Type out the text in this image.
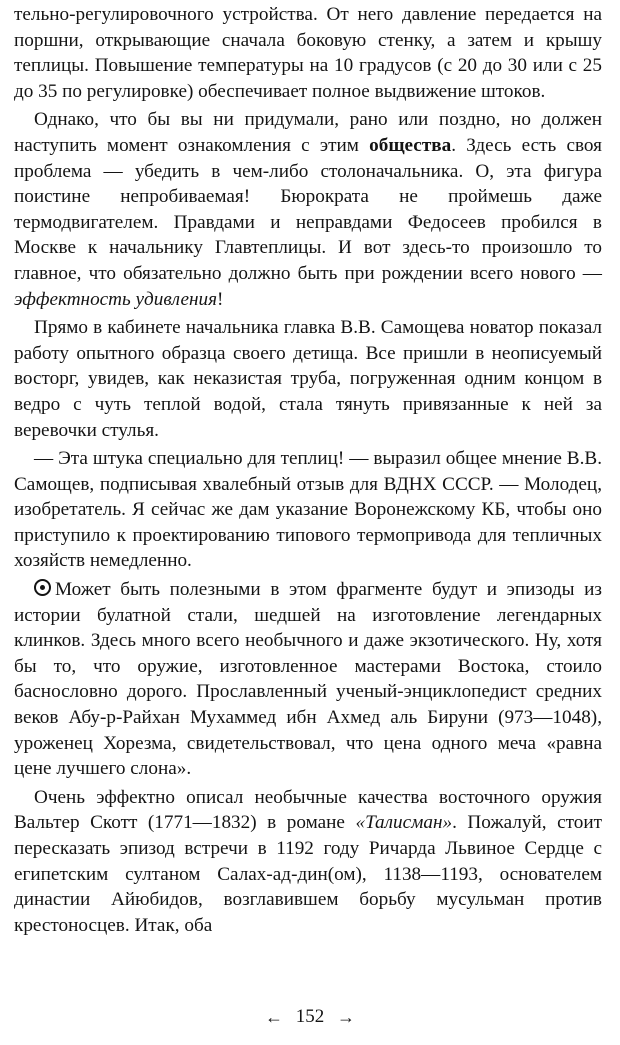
тельно-регулировочного устройства. От него давление передается на поршни, открывающие сначала боковую стенку, а затем и крышу теплицы. Повышение температуры на 10 градусов (с 20 до 30 или с 25 до 35 по регулировке) обеспечивает полное выдвижение штоков.

Однако, что бы вы ни придумали, рано или поздно, но должен наступить момент ознакомления с этим общества. Здесь есть своя проблема — убедить в чем-либо столоначальника. О, эта фигура поистине непробиваемая! Бюрократа не проймешь даже термодвигателем. Правдами и неправдами Федосеев пробился в Москве к начальнику Главтеплицы. И вот здесь-то произошло то главное, что обязательно должно быть при рождении всего нового — эффектность удивления!

Прямо в кабинете начальника главка В.В. Самощева новатор показал работу опытного образца своего детища. Все пришли в неописуемый восторг, увидев, как неказистая труба, погруженная одним концом в ведро с чуть теплой водой, стала тянуть привязанные к ней за веревочки стулья.

— Эта штука специально для теплиц! — выразил общее мнение В.В. Самощев, подписывая хвалебный отзыв для ВДНХ СССР. — Молодец, изобретатель. Я сейчас же дам указание Воронежскому КБ, чтобы оно приступило к проектированию типового термопривода для тепличных хозяйств немедленно.

Может быть полезными в этом фрагменте будут и эпизоды из истории булатной стали, шедшей на изготовление легендарных клинков. Здесь много всего необычного и даже экзотического. Ну, хотя бы то, что оружие, изготовленное мастерами Востока, стоило баснословно дорого. Прославленный ученый-энциклопедист средних веков Абу-р-Райхан Мухаммед ибн Ахмед аль Бируни (973—1048), уроженец Хорезма, свидетельствовал, что цена одного меча «равна цене лучшего слона».

Очень эффектно описал необычные качества восточного оружия Вальтер Скотт (1771—1832) в романе «Талисман». Пожалуй, стоит пересказать эпизод встречи в 1192 году Ричарда Львиное Сердце с египетским султаном Салах-ад-дин(ом), 1138—1193, основателем династии Айюбидов, возглавившем борьбу мусульман против крестоносцев. Итак, оба

← 152 →
